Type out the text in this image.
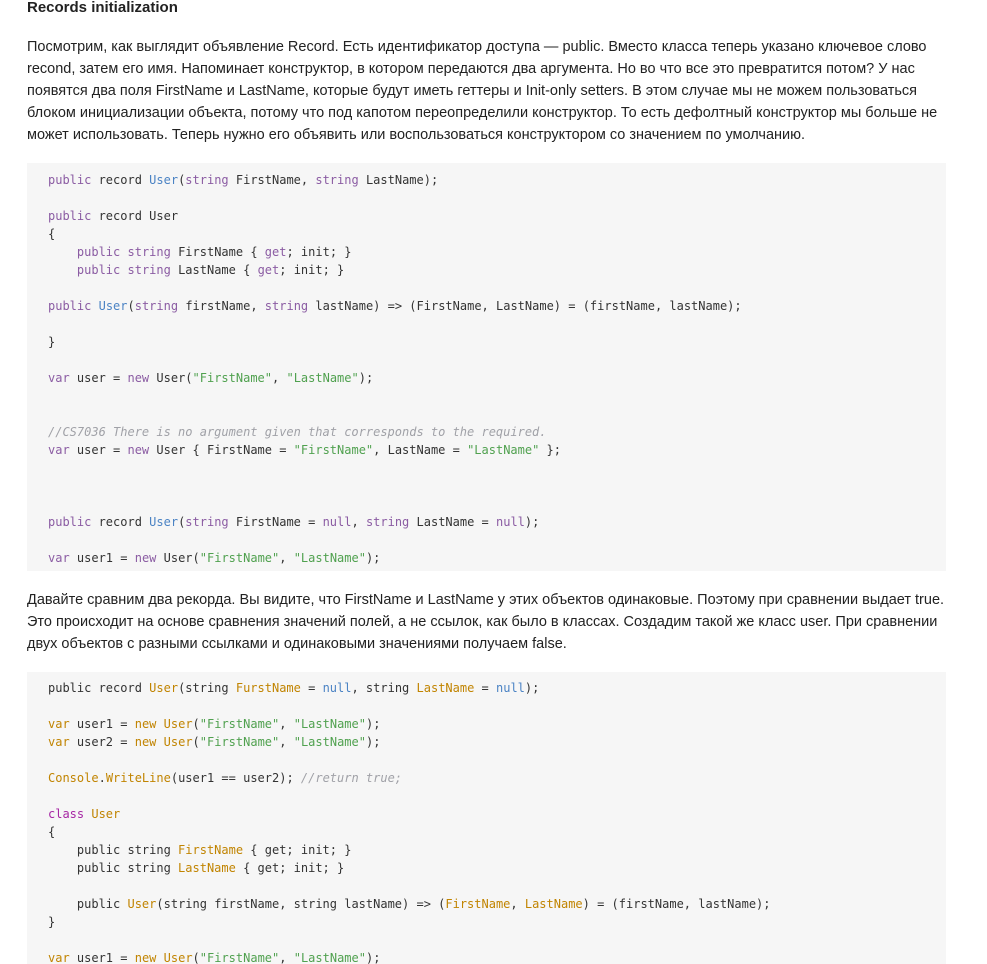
Records initialization

Посмотрим, как выглядит объявление Record. Есть идентификатор доступа — public. Вместо класса теперь указано ключевое слово recond, затем его имя. Напоминает конструктор, в котором передаются два аргумента. Но во что все это превратится потом? У нас появятся два поля FirstName и LastName, которые будут иметь геттеры и Init-only setters. В этом случае мы не можем пользоваться блоком инициализации объекта, потому что под капотом переопределили конструктор. То есть дефолтный конструктор мы больше не может использовать. Теперь нужно его объявить или воспользоваться конструктором со значением по умолчанию.

public record User(string FirstName, string LastName);
public record User
{
public string FirstName { get; init; }
public string LastName { get; init; }
public User(string firstName, string lastName) => (FirstName, LastName) = (firstName, lastName);
}
var user = new User("FirstName", "LastName");
//CS7036 There is no argument given that corresponds to the required.
var user = new User { FirstName = "FirstName", LastName = "LastName" };
public record User(string FirstName = null, string LastName = null);
var user1 = new User("FirstName", "LastName");

Давайте сравним два рекорда. Вы видите, что FirstName и LastName у этих объектов одинаковые. Поэтому при сравнении выдает true. Это происходит на основе сравнения значений полей, а не ссылок, как было в классах. Создадим такой же класс user. При сравнении двух объектов с разными ссылками и одинаковыми значениями получаем false.

public record User(string FurstName = null, string LastName = null);
var user1 = new User("FirstName", "LastName");
var user2 = new User("FirstName", "LastName");
Console.WriteLine(user1 == user2); //return true;
class User
{
public string FirstName { get; init; }
public string LastName { get; init; }
public User(string firstName, string lastName) => (FirstName, LastName) = (firstName, lastName);
}
var user1 = new User("FirstName", "LastName");
